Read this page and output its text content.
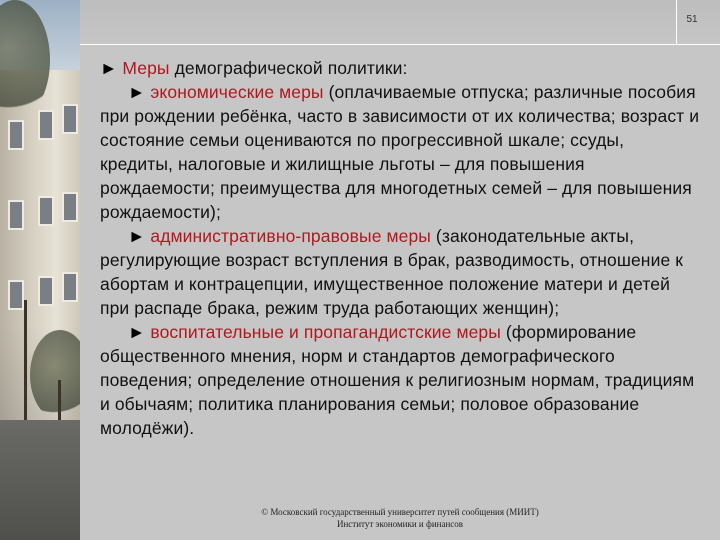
51

► Меры демографической политики:

► экономические меры (оплачиваемые отпуска; различные пособия при рождении ребёнка, часто в зависимости от их количества; возраст и состояние семьи оцениваются по прогрессивной шкале; ссуды, кредиты, налоговые и жилищные льготы – для повышения рождаемости; преимущества для многодетных семей – для повышения рождаемости);

► административно-правовые меры (законодательные акты, регулирующие возраст вступления в брак, разводимость, отношение к абортам и контрацепции, имущественное положение матери и детей при распаде брака, режим труда работающих женщин);

► воспитательные и пропагандистские меры (формирование общественного мнения, норм и стандартов демографического поведения; определение отношения к религиозным нормам, традициям и обычаям; политика планирования семьи; половое образование молодёжи).

© Московский государственный университет путей сообщения (МИИТ)
Институт экономики и финансов
